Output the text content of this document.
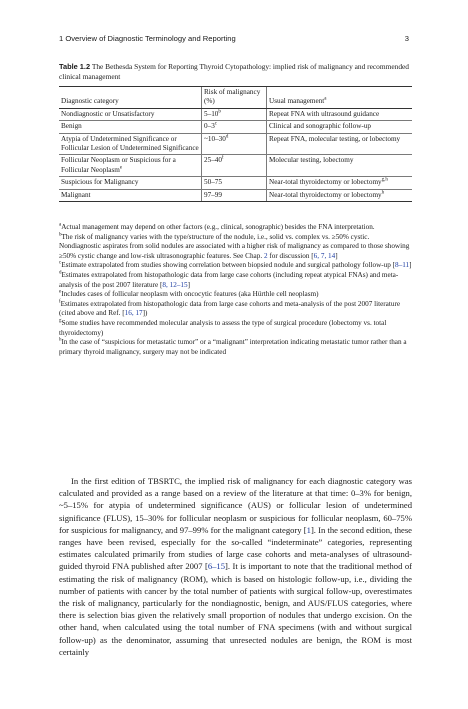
1 Overview of Diagnostic Terminology and Reporting	3
Table 1.2 The Bethesda System for Reporting Thyroid Cytopathology: implied risk of malignancy and recommended clinical management
Diagnostic category	Risk of malignancy (%)	Usual management$^a$
Nondiagnostic or Unsatisfactory	5–10$^b$	Repeat FNA with ultrasound guidance
Benign	0–3$^c$	Clinical and sonographic follow-up
Atypia of Undetermined Significance or Follicular Lesion of Undetermined Significance	~10–30$^d$	Repeat FNA, molecular testing, or lobectomy
Follicular Neoplasm or Suspicious for a Follicular Neoplasm$^e$	25–40$^f$	Molecular testing, lobectomy
Suspicious for Malignancy	50–75	Near-total thyroidectomy or lobectomy$^{g,h}$
Malignant	97–99	Near-total thyroidectomy or lobectomy$^h$

$^a$Actual management may depend on other factors (e.g., clinical, sonographic) besides the FNA interpretation.

$^b$The risk of malignancy varies with the type/structure of the nodule, i.e., solid vs. complex vs. ≥50% cystic. Nondiagnostic aspirates from solid nodules are associated with a higher risk of malignancy as compared to those showing ≥50% cystic change and low-risk ultrasonographic features. See Chap. 2 for discussion [6, 7, 14]

$^c$Estimate extrapolated from studies showing correlation between biopsied nodule and surgical pathology follow-up [8–11]

$^d$Estimates extrapolated from histopathologic data from large case cohorts (including repeat atypical FNAs) and meta-analysis of the post 2007 literature [8, 12–15]

$^e$Includes cases of follicular neoplasm with oncocytic features (aka Hürthle cell neoplasm)

$^f$Estimates extrapolated from histopathologic data from large case cohorts and meta-analysis of the post 2007 literature (cited above and Ref. [16, 17])

$^g$Some studies have recommended molecular analysis to assess the type of surgical procedure (lobectomy vs. total thyroidectomy)

$^h$In the case of “suspicious for metastatic tumor” or a “malignant” interpretation indicating metastatic tumor rather than a primary thyroid malignancy, surgery may not be indicated

In the first edition of TBSRTC, the implied risk of malignancy for each diagnostic category was calculated and provided as a range based on a review of the literature at that time: 0–3% for benign, ~5–15% for atypia of undetermined significance (AUS) or follicular lesion of undetermined significance (FLUS), 15–30% for follicular neoplasm or suspicious for follicular neoplasm, 60–75% for suspicious for malignancy, and 97–99% for the malignant category [1]. In the second edition, these ranges have been revised, especially for the so-called “indeterminate” categories, representing estimates calculated primarily from studies of large case cohorts and meta-analyses of ultrasound-guided thyroid FNA published after 2007 [6–15]. It is important to note that the traditional method of estimating the risk of malignancy (ROM), which is based on histologic follow-up, i.e., dividing the number of patients with cancer by the total number of patients with surgical follow-up, overestimates the risk of malignancy, particularly for the nondiagnostic, benign, and AUS/FLUS categories, where there is selection bias given the relatively small proportion of nodules that undergo excision. On the other hand, when calculated using the total number of FNA specimens (with and without surgical follow-up) as the denominator, assuming that unresected nodules are benign, the ROM is most certainly
